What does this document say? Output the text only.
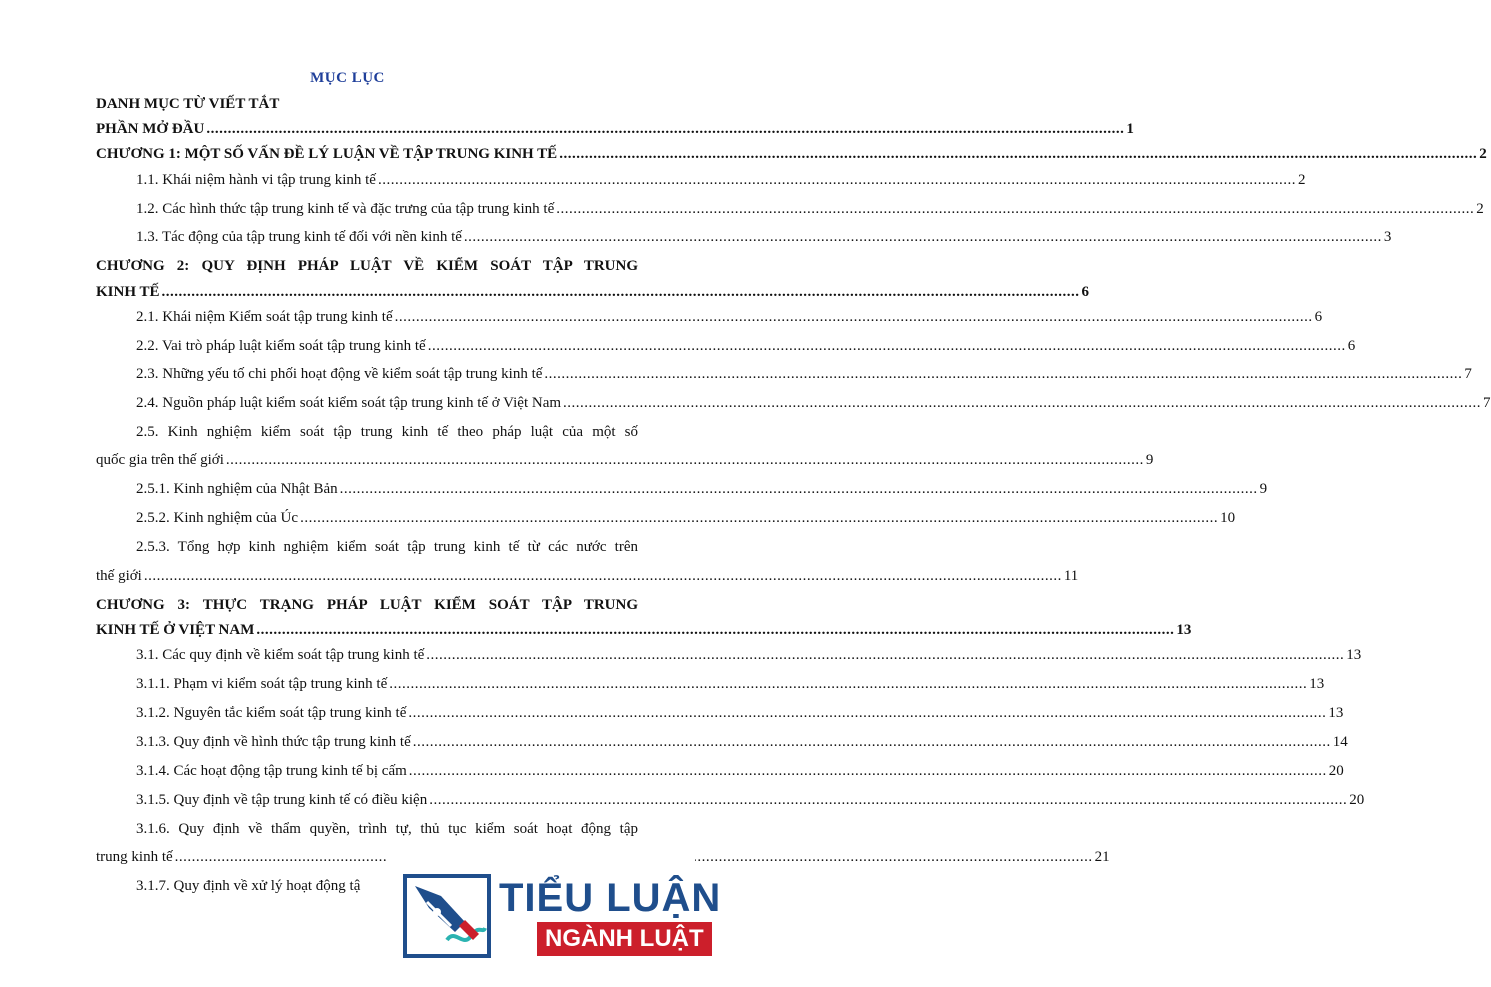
MỤC LỤC
DANH MỤC TỪ VIẾT TẮT
PHẦN MỞ ĐẦU .....	1
CHƯƠNG 1: MỘT SỐ VẤN ĐỀ LÝ LUẬN VỀ TẬP TRUNG KINH TẾ .....	2
1.1. Khái niệm hành vi tập trung kinh tế .....	2
1.2. Các hình thức tập trung kinh tế và đặc trưng của tập trung kinh tế .....	2
1.3. Tác động của tập trung kinh tế đối với nền kinh tế .....	3
CHƯƠNG 2: QUY ĐỊNH PHÁP LUẬT VỀ KIỂM SOÁT TẬP TRUNG
KINH TẾ .....	6
2.1. Khái niệm Kiểm soát tập trung kinh tế .....	6
2.2. Vai trò pháp luật kiểm soát tập trung kinh tế .....	6
2.3. Những yếu tố chi phối hoạt động về kiểm soát tập trung kinh tế .....	7
2.4. Nguồn pháp luật kiểm soát kiểm soát tập trung kinh tế ở Việt Nam .....	7
2.5. Kinh nghiệm kiểm soát tập trung kinh tế theo pháp luật của một số
quốc gia trên thế giới .....	9
2.5.1. Kinh nghiệm của Nhật Bản .....	9
2.5.2. Kinh nghiệm của Úc .....	10
2.5.3. Tổng hợp kinh nghiệm kiểm soát tập trung kinh tế từ các nước trên
thế giới .....	11
CHƯƠNG 3: THỰC TRẠNG PHÁP LUẬT KIỂM SOÁT TẬP TRUNG
KINH TẾ Ở VIỆT NAM .....	13
3.1. Các quy định về kiểm soát tập trung kinh tế .....	13
3.1.1. Phạm vi kiểm soát tập trung kinh tế .....	13
3.1.2. Nguyên tắc kiểm soát tập trung kinh tế .....	13
3.1.3. Quy định về hình thức tập trung kinh tế .....	14
3.1.4. Các hoạt động tập trung kinh tế bị cấm .....	20
3.1.5. Quy định về tập trung kinh tế có điều kiện .....	20
3.1.6. Quy định về thẩm quyền, trình tự, thủ tục kiểm soát hoạt động tập
trung kinh tế .....	21
3.1.7. Quy định về xử lý hoạt động tậ	TIỂU LUẬN
NGÀNH LUẬT
